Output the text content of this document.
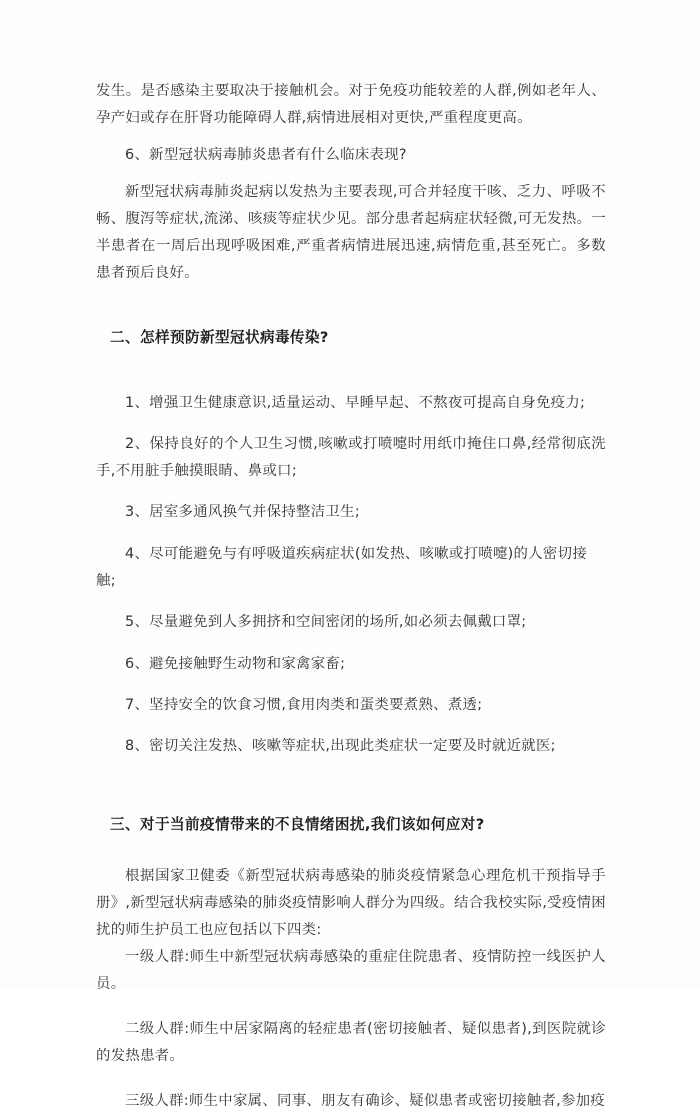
发生。是否感染主要取决于接触机会。对于免疫功能较差的人群,例如老年人、孕产妇或存在肝肾功能障碍人群,病情进展相对更快,严重程度更高。

6、新型冠状病毒肺炎患者有什么临床表现?

新型冠状病毒肺炎起病以发热为主要表现,可合并轻度干咳、乏力、呼吸不畅、腹泻等症状,流涕、咳痰等症状少见。部分患者起病症状轻微,可无发热。一半患者在一周后出现呼吸困难,严重者病情进展迅速,病情危重,甚至死亡。多数患者预后良好。

二、怎样预防新型冠状病毒传染?

1、增强卫生健康意识,适量运动、早睡早起、不熬夜可提高自身免疫力;

2、保持良好的个人卫生习惯,咳嗽或打喷嚏时用纸巾掩住口鼻,经常彻底洗手,不用脏手触摸眼睛、鼻或口;

3、居室多通风换气并保持整洁卫生;

4、尽可能避免与有呼吸道疾病症状(如发热、咳嗽或打喷嚏)的人密切接触;

5、尽量避免到人多拥挤和空间密闭的场所,如必须去佩戴口罩;

6、避免接触野生动物和家禽家畜;

7、坚持安全的饮食习惯,食用肉类和蛋类要煮熟、煮透;

8、密切关注发热、咳嗽等症状,出现此类症状一定要及时就近就医;

三、对于当前疫情带来的不良情绪困扰,我们该如何应对?

根据国家卫健委《新型冠状病毒感染的肺炎疫情紧急心理危机干预指导手册》,新型冠状病毒感染的肺炎疫情影响人群分为四级。结合我校实际,受疫情困扰的师生护员工也应包括以下四类:

一级人群:师生中新型冠状病毒感染的重症住院患者、疫情防控一线医护人员。

二级人群:师生中居家隔离的轻症患者(密切接触者、疑似患者),到医院就诊的发热患者。

三级人群:师生中家属、同事、朋友有确诊、疑似患者或密切接触者,参加疫
